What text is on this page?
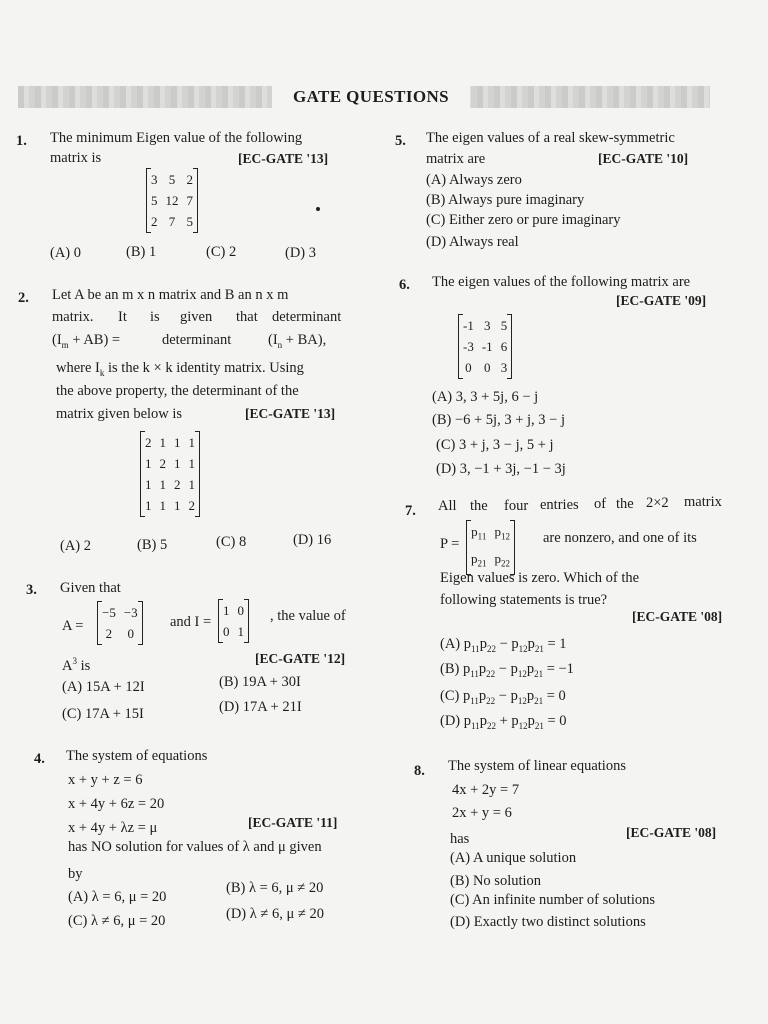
GATE QUESTIONS
1. The minimum Eigen value of the following
matrix is	[EC-GATE '13]
3	5	2
5	12	7
2	7	5
(A) 0	(B) 1	(C) 2	(D) 3
2. Let A be an m x n matrix and B an n x m
matrix. It is given that determinant
$(I_m + AB)$ =	determinant	$(I_n + BA)$,
where $I_k$ is the k × k identity matrix. Using
the above property, the determinant of the
matrix given below is	[EC-GATE '13]
2	1	1	1
1	2	1	1
1	1	2	1
1	1	1	2
(A) 2	(B) 5	(C) 8	(D) 16
3. Given that
A =
−5	−3
2	0
and I =
1	0
0	1
, the value of
$A^3$ is	[EC-GATE '12]
(A) 15A + 12I	(B) 19A + 30I
(C) 17A + 15I	(D) 17A + 21I
4. The system of equations
x + y + z = 6
x + 4y + 6z = 20
x + 4y + λz = μ	[EC-GATE '11]
has NO solution for values of λ and μ given
by
(A) λ = 6, μ = 20
(B) λ = 6, μ ≠ 20
(C) λ ≠ 6, μ = 20	(D) λ ≠ 6, μ ≠ 20
5. The eigen values of a real skew-symmetric
matrix are	[EC-GATE '10]
(A) Always zero
(B) Always pure imaginary
(C) Either zero or pure imaginary
(D) Always real
6. The eigen values of the following matrix are
[EC-GATE '09]
-1	3	5
-3	-1	6
0	0	3
(A) 3, 3 + 5j, 6 − j
(B) −6 + 5j, 3 + j, 3 − j
(C) 3 + j, 3 − j, 5 + j
(D) 3, −1 + 3j, −1 − 3j
7. All the four entries of the 2×2 matrix
P =
$p_{11}$	$p_{12}$
$p_{21}$	$p_{22}$
are nonzero, and one of its
Eigen values is zero. Which of the
following statements is true?
[EC-GATE '08]
(A) $p_{11}p_{22} - p_{12}p_{21} = 1$
(B) $p_{11}p_{22} - p_{12}p_{21} = -1$
(C) $p_{11}p_{22} - p_{12}p_{21} = 0$
(D) $p_{11}p_{22} + p_{12}p_{21} = 0$
8. The system of linear equations
4x + 2y = 7
2x + y = 6
has	[EC-GATE '08]
(A) A unique solution
(B) No solution
(C) An infinite number of solutions
(D) Exactly two distinct solutions
